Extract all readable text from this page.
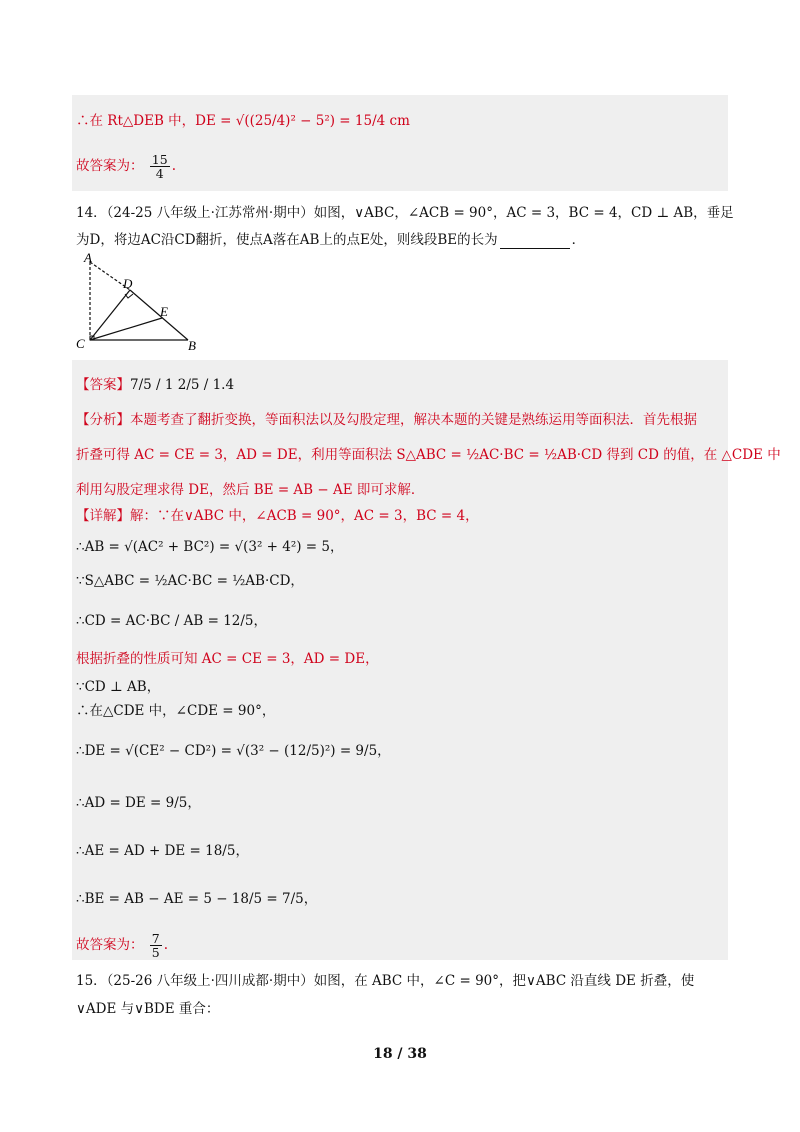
∴在 Rt△DEB 中，DE = √((25/4)² − 5²) = 15/4 cm
故答案为： $\frac{15}{4}$ .
14．（24-25 八年级上·江苏常州·期中）如图，∨ABC，∠ACB = 90°，AC = 3，BC = 4，CD ⊥ AB，垂足
为D，将边AC沿CD翻折，使点A落在AB上的点E处，则线段BE的长为	．
A
D
E
C	B
【答案】7/5 / 1 2/5 / 1.4
【分析】本题考查了翻折变换，等面积法以及勾股定理，解决本题的关键是熟练运用等面积法．首先根据
折叠可得 AC = CE = 3，AD = DE，利用等面积法 S△ABC = ½AC·BC = ½AB·CD 得到 CD 的值，在 △CDE 中
利用勾股定理求得 DE，然后 BE = AB − AE 即可求解．
【详解】解：∵在∨ABC 中，∠ACB = 90°，AC = 3，BC = 4，
∴AB = √(AC² + BC²) = √(3² + 4²) = 5，
∵S△ABC = ½AC·BC = ½AB·CD，
∴CD = AC·BC / AB = 12/5，
根据折叠的性质可知 AC = CE = 3，AD = DE，
∵CD ⊥ AB，
∴在△CDE 中，∠CDE = 90°，
∴DE = √(CE² − CD²) = √(3² − (12/5)²) = 9/5，
∴AD = DE = 9/5，
∴AE = AD + DE = 18/5，
∴BE = AB − AE = 5 − 18/5 = 7/5，
故答案为： $\frac{7}{5}$ .
15．（25-26 八年级上·四川成都·期中）如图，在 ABC 中，∠C = 90°，把∨ABC 沿直线 DE 折叠，使
∨ADE 与∨BDE 重合：
18 / 38
